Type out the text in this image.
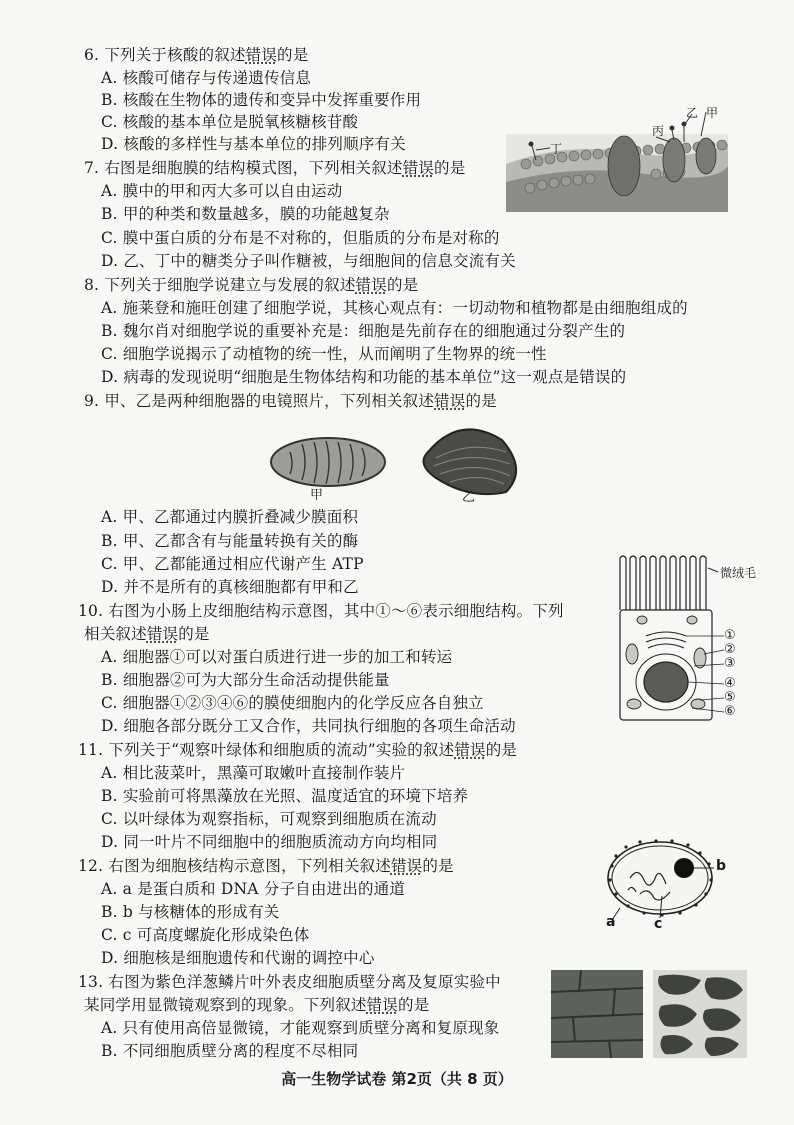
6. 下列关于核酸的叙述错误的是
A. 核酸可储存与传递遗传信息
B. 核酸在生物体的遗传和变异中发挥重要作用
C. 核酸的基本单位是脱氧核糖核苷酸
D. 核酸的多样性与基本单位的排列顺序有关
7. 右图是细胞膜的结构模式图，下列相关叙述错误的是
A. 膜中的甲和丙大多可以自由运动
B. 甲的种类和数量越多，膜的功能越复杂
C. 膜中蛋白质的分布是不对称的，但脂质的分布是对称的
D. 乙、丁中的糖类分子叫作糖被，与细胞间的信息交流有关
丙
乙 甲
丁
8. 下列关于细胞学说建立与发展的叙述错误的是
A. 施莱登和施旺创建了细胞学说，其核心观点有：一切动物和植物都是由细胞组成的
B. 魏尔肖对细胞学说的重要补充是：细胞是先前存在的细胞通过分裂产生的
C. 细胞学说揭示了动植物的统一性，从而阐明了生物界的统一性
D. 病毒的发现说明“细胞是生物体结构和功能的基本单位”这一观点是错误的
9. 甲、乙是两种细胞器的电镜照片，下列相关叙述错误的是
甲	乙
A. 甲、乙都通过内膜折叠减少膜面积
B. 甲、乙都含有与能量转换有关的酶
C. 甲、乙都能通过相应代谢产生 ATP
D. 并不是所有的真核细胞都有甲和乙
微绒毛
①
②
③
④
⑤
⑥
10. 右图为小肠上皮细胞结构示意图，其中①～⑥表示细胞结构。下列
相关叙述错误的是
A. 细胞器①可以对蛋白质进行进一步的加工和转运
B. 细胞器②可为大部分生命活动提供能量
C. 细胞器①②③④⑥的膜使细胞内的化学反应各自独立
D. 细胞各部分既分工又合作，共同执行细胞的各项生命活动
11. 下列关于“观察叶绿体和细胞质的流动”实验的叙述错误的是
A. 相比菠菜叶，黑藻可取嫩叶直接制作装片
B. 实验前可将黑藻放在光照、温度适宜的环境下培养
C. 以叶绿体为观察指标，可观察到细胞质在流动
D. 同一叶片不同细胞中的细胞质流动方向均相同
b
a	c
12. 右图为细胞核结构示意图，下列相关叙述错误的是
A. a 是蛋白质和 DNA 分子自由进出的通道
B. b 与核糖体的形成有关
C. c 可高度螺旋化形成染色体
D. 细胞核是细胞遗传和代谢的调控中心
13. 右图为紫色洋葱鳞片叶外表皮细胞质壁分离及复原实验中
某同学用显微镜观察到的现象。下列叙述错误的是
A. 只有使用高倍显微镜，才能观察到质壁分离和复原现象
B. 不同细胞质壁分离的程度不尽相同
高一生物学试卷 第2页（共 8 页）
